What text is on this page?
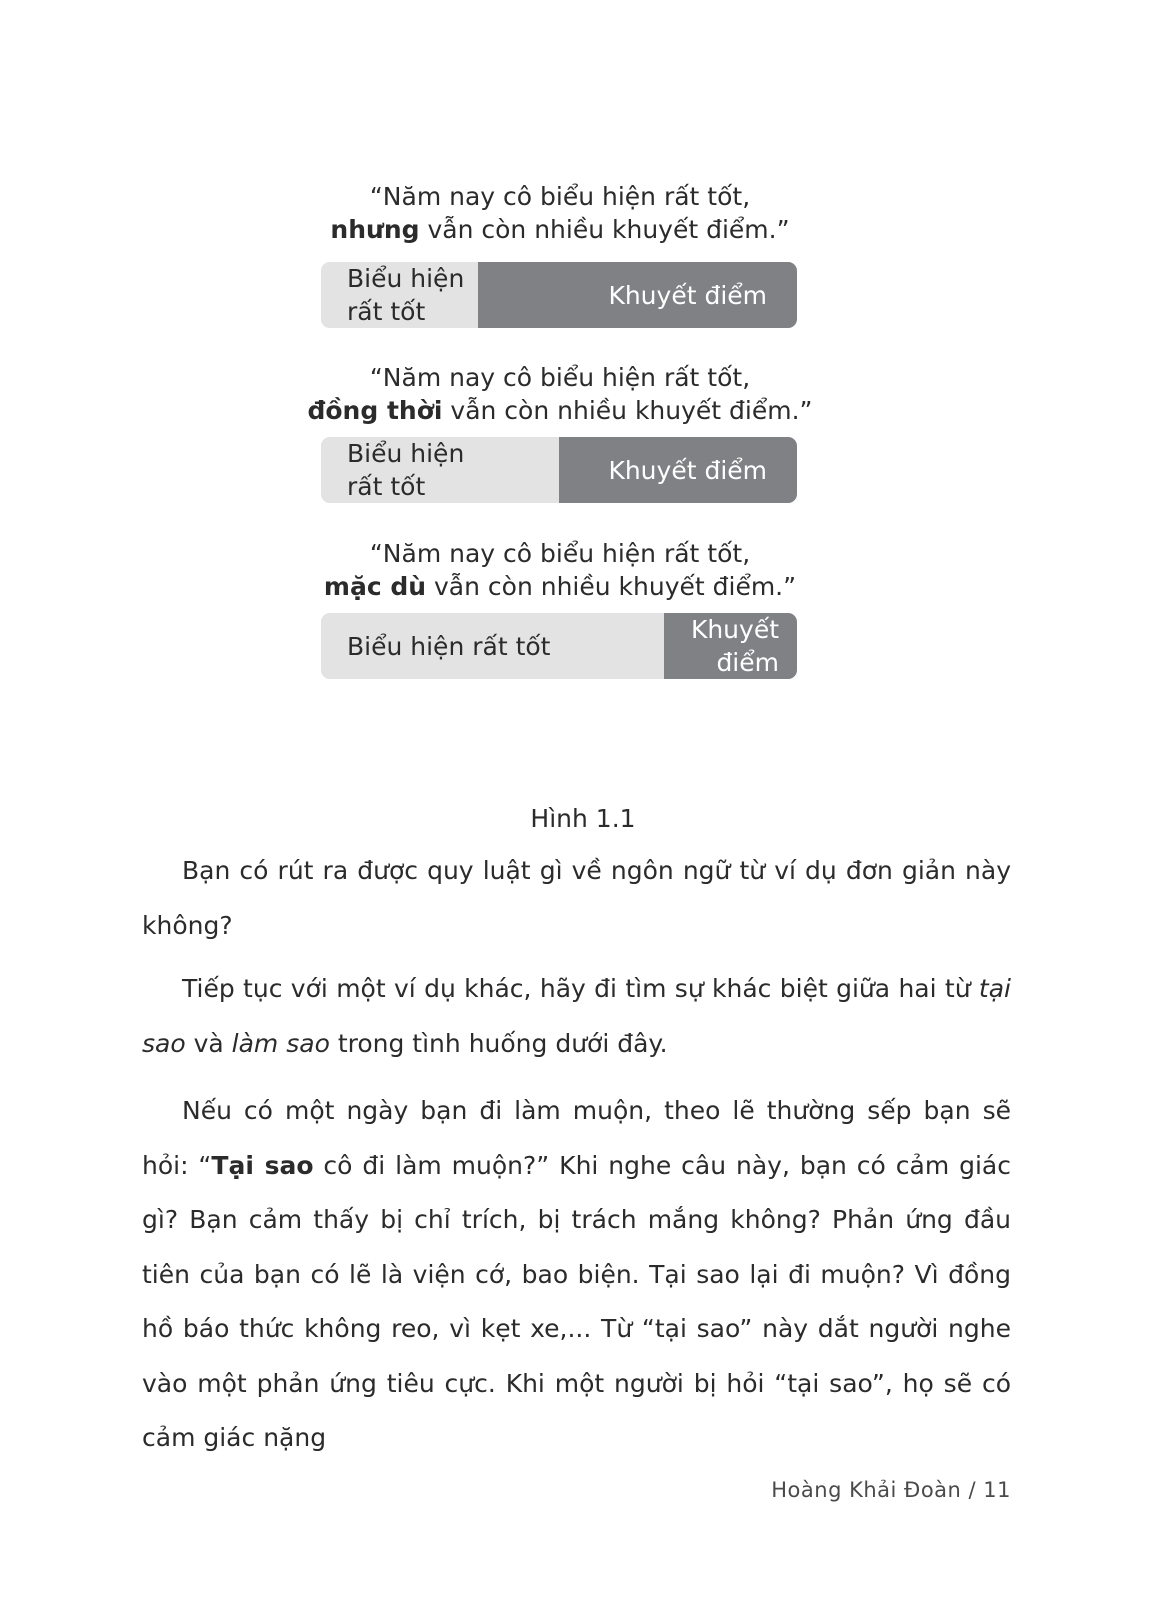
“Năm nay cô biểu hiện rất tốt,
nhưng vẫn còn nhiều khuyết điểm.”
Biểu hiện rất tốt
Khuyết điểm
“Năm nay cô biểu hiện rất tốt,
đồng thời vẫn còn nhiều khuyết điểm.”
Biểu hiện rất tốt
Khuyết điểm
“Năm nay cô biểu hiện rất tốt,
mặc dù vẫn còn nhiều khuyết điểm.”
Biểu hiện rất tốt
Khuyết điểm
Hình 1.1

Bạn có rút ra được quy luật gì về ngôn ngữ từ ví dụ đơn giản này không?

Tiếp tục với một ví dụ khác, hãy đi tìm sự khác biệt giữa hai từ tại sao và làm sao trong tình huống dưới đây.

Nếu có một ngày bạn đi làm muộn, theo lẽ thường sếp bạn sẽ hỏi: “Tại sao cô đi làm muộn?” Khi nghe câu này, bạn có cảm giác gì? Bạn cảm thấy bị chỉ trích, bị trách mắng không? Phản ứng đầu tiên của bạn có lẽ là viện cớ, bao biện. Tại sao lại đi muộn? Vì đồng hồ báo thức không reo, vì kẹt xe,... Từ “tại sao” này dắt người nghe vào một phản ứng tiêu cực. Khi một người bị hỏi “tại sao”, họ sẽ có cảm giác nặng

Hoàng Khải Đoàn / 11
